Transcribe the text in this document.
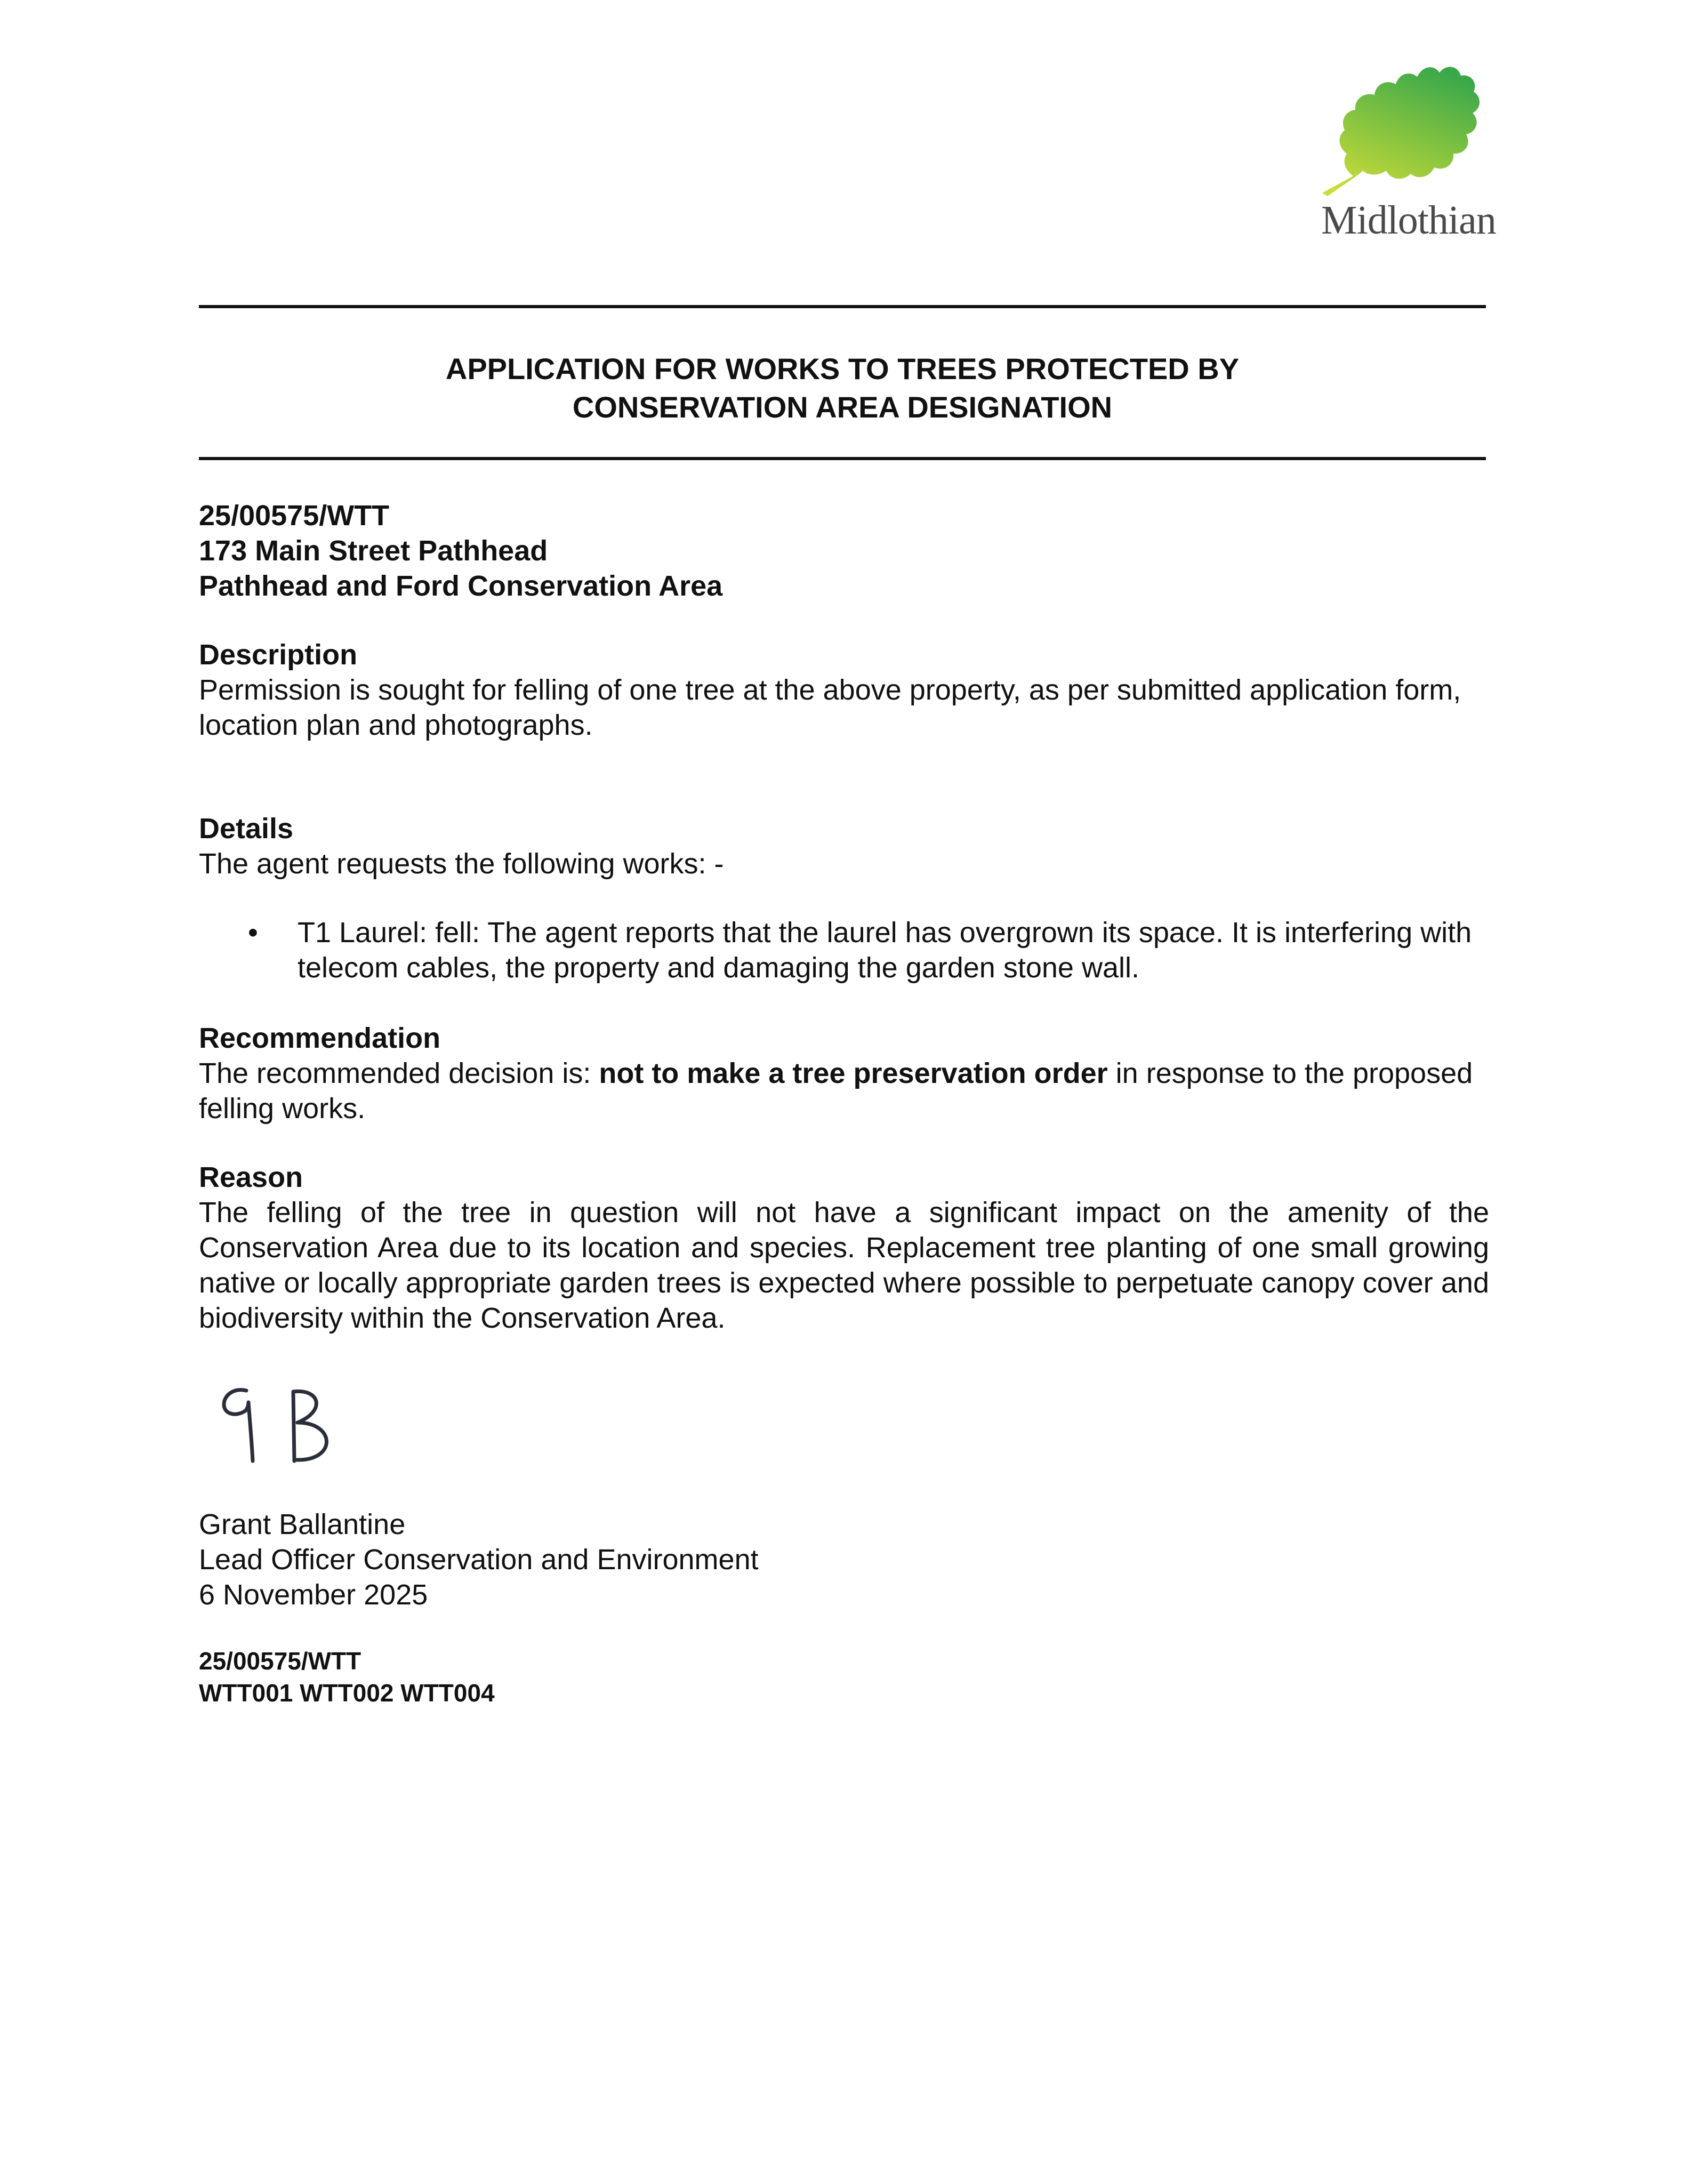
Midlothian
APPLICATION FOR WORKS TO TREES PROTECTED BY
CONSERVATION AREA DESIGNATION
25/00575/WTT
173 Main Street Pathhead
Pathhead and Ford Conservation Area
Description
Permission is sought for felling of one tree at the above property, as per submitted application form, location plan and photographs.
Details
The agent requests the following works: -
• T1 Laurel: fell: The agent reports that the laurel has overgrown its space. It is interfering with telecom cables, the property and damaging the garden stone wall.
Recommendation
The recommended decision is: not to make a tree preservation order in response to the proposed felling works.
Reason
The felling of the tree in question will not have a significant impact on the amenity of the Conservation Area due to its location and species. Replacement tree planting of one small growing native or locally appropriate garden trees is expected where possible to perpetuate canopy cover and biodiversity within the Conservation Area.
Grant Ballantine
Lead Officer Conservation and Environment
6 November 2025
25/00575/WTT
WTT001 WTT002 WTT004
